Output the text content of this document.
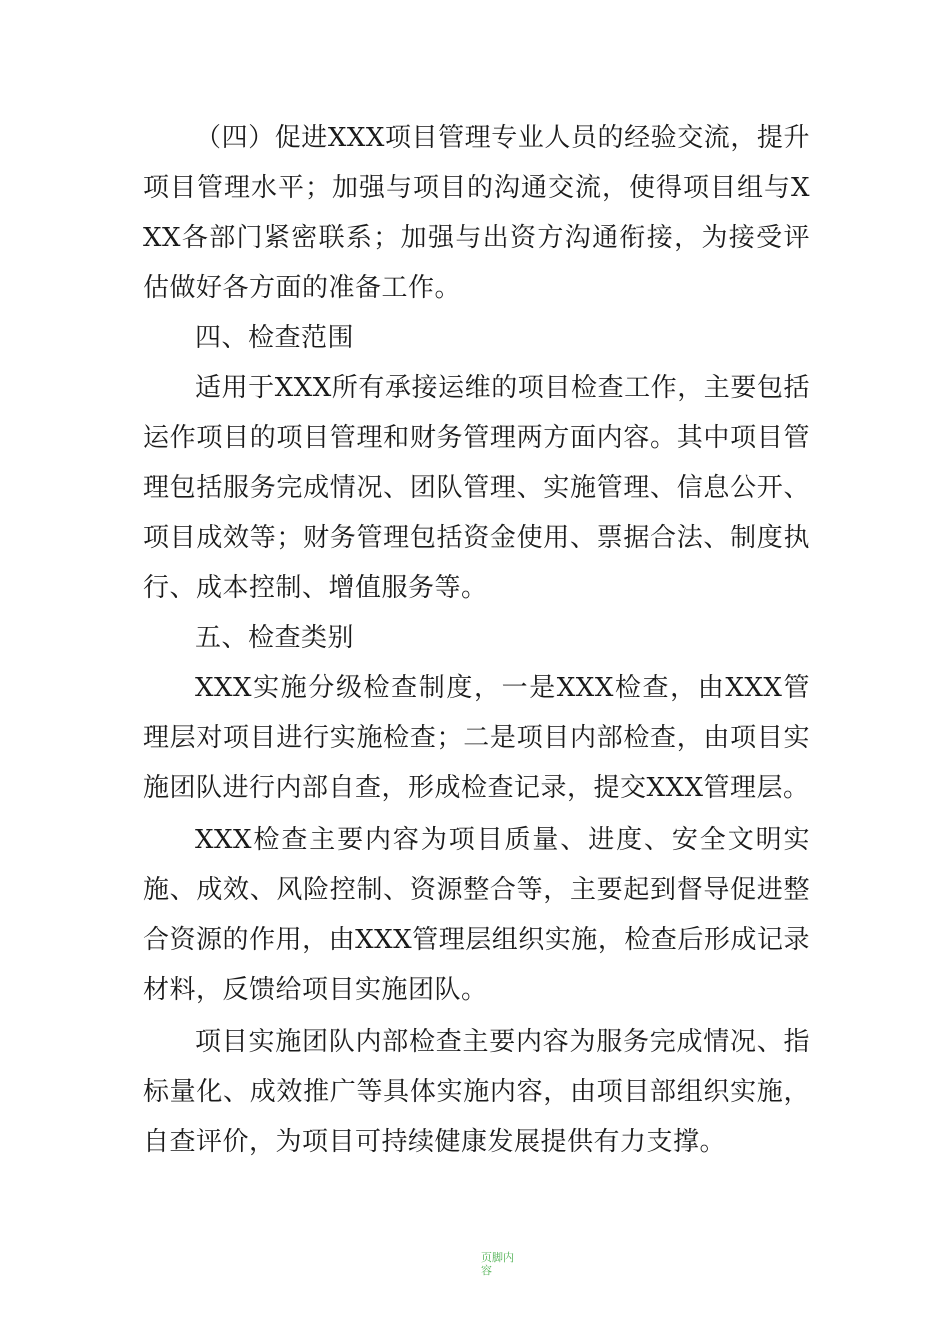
（四）促进XXX项目管理专业人员的经验交流，提升项目管理水平；加强与项目的沟通交流，使得项目组与XXX各部门紧密联系；加强与出资方沟通衔接，为接受评估做好各方面的准备工作。

四、检查范围

适用于XXX所有承接运维的项目检查工作，主要包括运作项目的项目管理和财务管理两方面内容。其中项目管理包括服务完成情况、团队管理、实施管理、信息公开、项目成效等；财务管理包括资金使用、票据合法、制度执行、成本控制、增值服务等。

五、检查类别

XXX实施分级检查制度，一是XXX检查，由XXX管理层对项目进行实施检查；二是项目内部检查，由项目实施团队进行内部自查，形成检查记录，提交XXX管理层。

XXX检查主要内容为项目质量、进度、安全文明实施、成效、风险控制、资源整合等，主要起到督导促进整合资源的作用，由XXX管理层组织实施，检查后形成记录材料，反馈给项目实施团队。

项目实施团队内部检查主要内容为服务完成情况、指标量化、成效推广等具体实施内容，由项目部组织实施，自查评价，为项目可持续健康发展提供有力支撑。

页脚内容
